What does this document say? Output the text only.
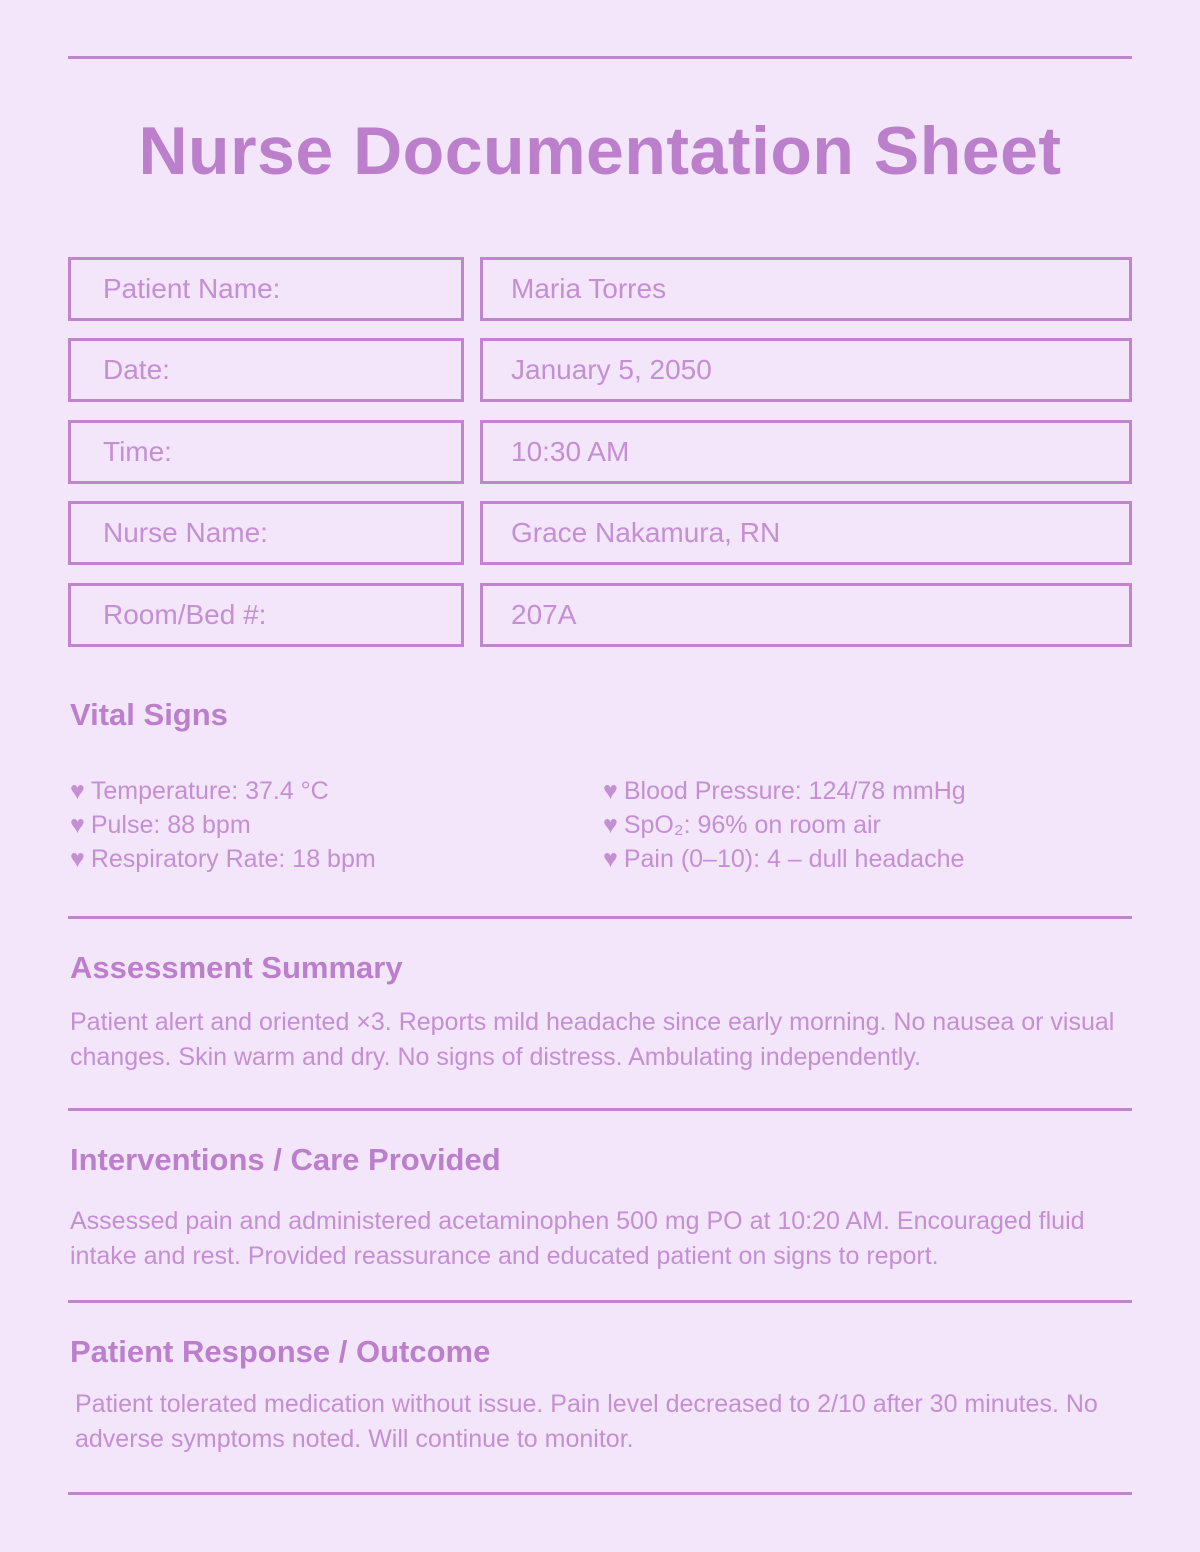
Nurse Documentation Sheet
Patient Name:	Maria Torres
Date:	January 5, 2050
Time:	10:30 AM
Nurse Name:	Grace Nakamura, RN
Room/Bed #:	207A
Vital Signs
♥ Temperature: 37.4 °C
♥ Pulse: 88 bpm
♥ Respiratory Rate: 18 bpm
♥ Blood Pressure: 124/78 mmHg
♥ SpO₂: 96% on room air
♥ Pain (0–10): 4 – dull headache
Assessment Summary
Patient alert and oriented ×3. Reports mild headache since early morning. No nausea or visual changes. Skin warm and dry. No signs of distress. Ambulating independently.
Interventions / Care Provided
Assessed pain and administered acetaminophen 500 mg PO at 10:20 AM. Encouraged fluid intake and rest. Provided reassurance and educated patient on signs to report.
Patient Response / Outcome
Patient tolerated medication without issue. Pain level decreased to 2/10 after 30 minutes. No adverse symptoms noted. Will continue to monitor.
